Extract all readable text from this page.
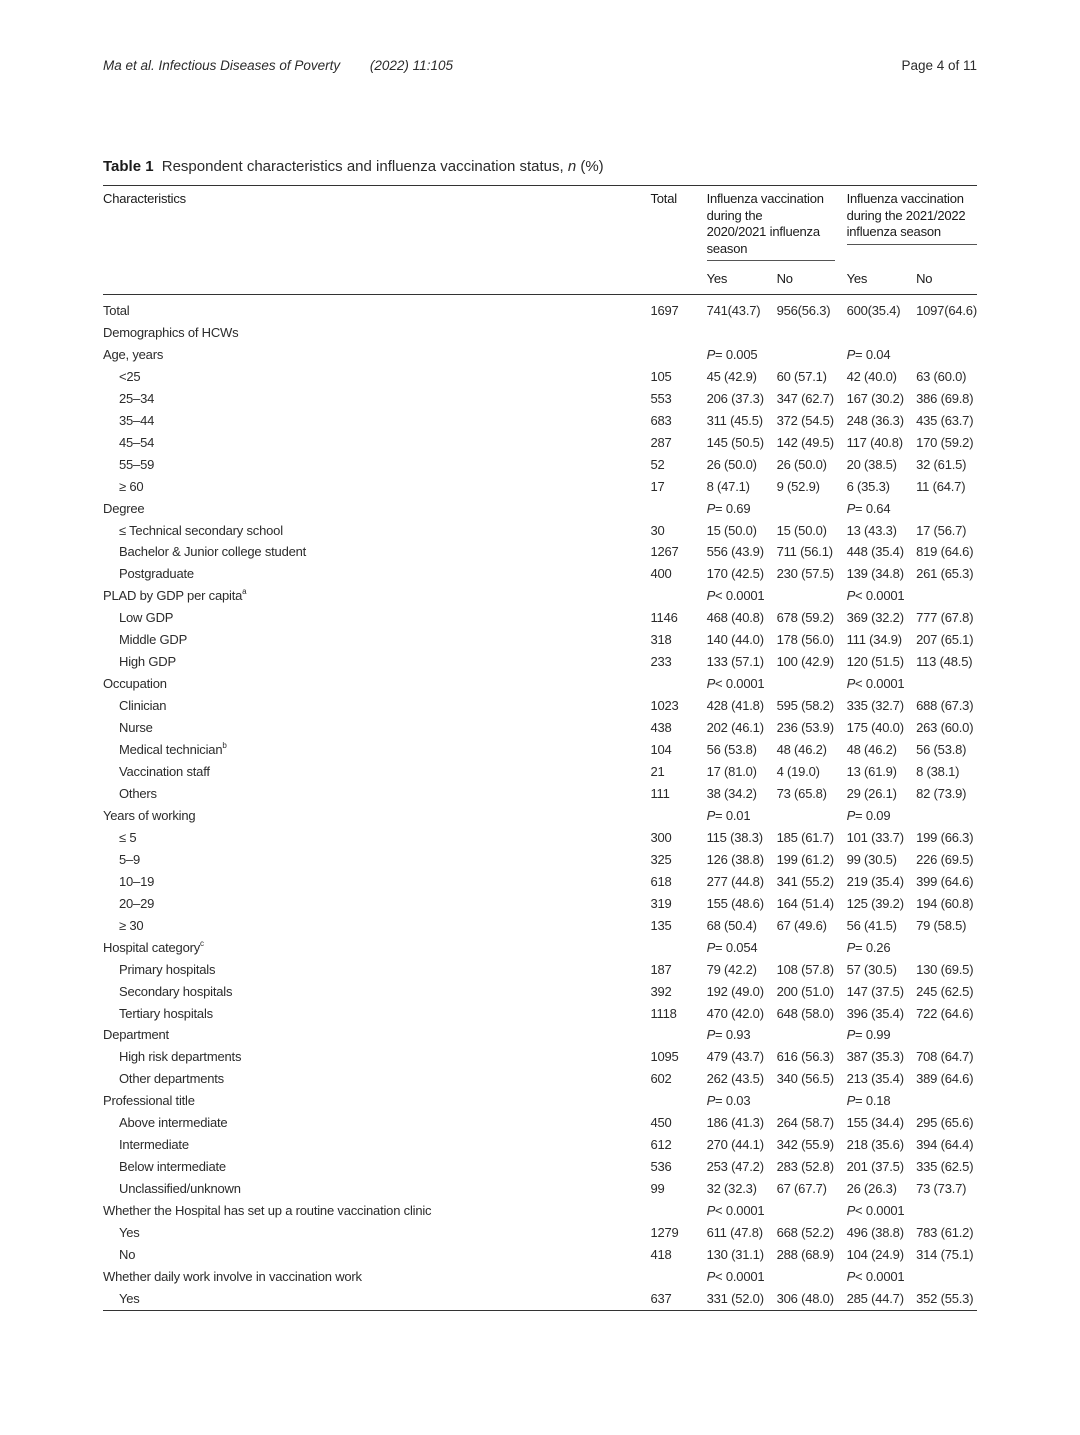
Ma et al. Infectious Diseases of Poverty (2022) 11:105	Page 4 of 11
Table 1 Respondent characteristics and influenza vaccination status, n (%)
Characteristics	Total	Influenza vaccination during the 2020/2021 influenza season		Influenza vaccination during the 2021/2022 influenza season	

		Yes	No	Yes	No
Total	1697	741(43.7)	956(56.3)	600(35.4)	1097(64.6)
Demographics of HCWs					
Age, years		P= 0.005		P= 0.04	
<25	105	45 (42.9)	60 (57.1)	42 (40.0)	63 (60.0)
25–34	553	206 (37.3)	347 (62.7)	167 (30.2)	386 (69.8)
35–44	683	311 (45.5)	372 (54.5)	248 (36.3)	435 (63.7)
45–54	287	145 (50.5)	142 (49.5)	117 (40.8)	170 (59.2)
55–59	52	26 (50.0)	26 (50.0)	20 (38.5)	32 (61.5)
≥ 60	17	8 (47.1)	9 (52.9)	6 (35.3)	11 (64.7)
Degree		P= 0.69		P= 0.64	
≤ Technical secondary school	30	15 (50.0)	15 (50.0)	13 (43.3)	17 (56.7)
Bachelor & Junior college student	1267	556 (43.9)	711 (56.1)	448 (35.4)	819 (64.6)
Postgraduate	400	170 (42.5)	230 (57.5)	139 (34.8)	261 (65.3)
PLAD by GDP per capita$^a$		P< 0.0001		P< 0.0001	
Low GDP	1146	468 (40.8)	678 (59.2)	369 (32.2)	777 (67.8)
Middle GDP	318	140 (44.0)	178 (56.0)	111 (34.9)	207 (65.1)
High GDP	233	133 (57.1)	100 (42.9)	120 (51.5)	113 (48.5)
Occupation		P< 0.0001		P< 0.0001	
Clinician	1023	428 (41.8)	595 (58.2)	335 (32.7)	688 (67.3)
Nurse	438	202 (46.1)	236 (53.9)	175 (40.0)	263 (60.0)
Medical technician$^b$	104	56 (53.8)	48 (46.2)	48 (46.2)	56 (53.8)
Vaccination staff	21	17 (81.0)	4 (19.0)	13 (61.9)	8 (38.1)
Others	111	38 (34.2)	73 (65.8)	29 (26.1)	82 (73.9)
Years of working		P= 0.01		P= 0.09	
≤ 5	300	115 (38.3)	185 (61.7)	101 (33.7)	199 (66.3)
5–9	325	126 (38.8)	199 (61.2)	99 (30.5)	226 (69.5)
10–19	618	277 (44.8)	341 (55.2)	219 (35.4)	399 (64.6)
20–29	319	155 (48.6)	164 (51.4)	125 (39.2)	194 (60.8)
≥ 30	135	68 (50.4)	67 (49.6)	56 (41.5)	79 (58.5)
Hospital category$^c$		P= 0.054		P= 0.26	
Primary hospitals	187	79 (42.2)	108 (57.8)	57 (30.5)	130 (69.5)
Secondary hospitals	392	192 (49.0)	200 (51.0)	147 (37.5)	245 (62.5)
Tertiary hospitals	1118	470 (42.0)	648 (58.0)	396 (35.4)	722 (64.6)
Department		P= 0.93		P= 0.99	
High risk departments	1095	479 (43.7)	616 (56.3)	387 (35.3)	708 (64.7)
Other departments	602	262 (43.5)	340 (56.5)	213 (35.4)	389 (64.6)
Professional title		P= 0.03		P= 0.18	
Above intermediate	450	186 (41.3)	264 (58.7)	155 (34.4)	295 (65.6)
Intermediate	612	270 (44.1)	342 (55.9)	218 (35.6)	394 (64.4)
Below intermediate	536	253 (47.2)	283 (52.8)	201 (37.5)	335 (62.5)
Unclassified/unknown	99	32 (32.3)	67 (67.7)	26 (26.3)	73 (73.7)
Whether the Hospital has set up a routine vaccination clinic		P< 0.0001		P< 0.0001	
Yes	1279	611 (47.8)	668 (52.2)	496 (38.8)	783 (61.2)
No	418	130 (31.1)	288 (68.9)	104 (24.9)	314 (75.1)
Whether daily work involve in vaccination work		P< 0.0001		P< 0.0001	
Yes	637	331 (52.0)	306 (48.0)	285 (44.7)	352 (55.3)
